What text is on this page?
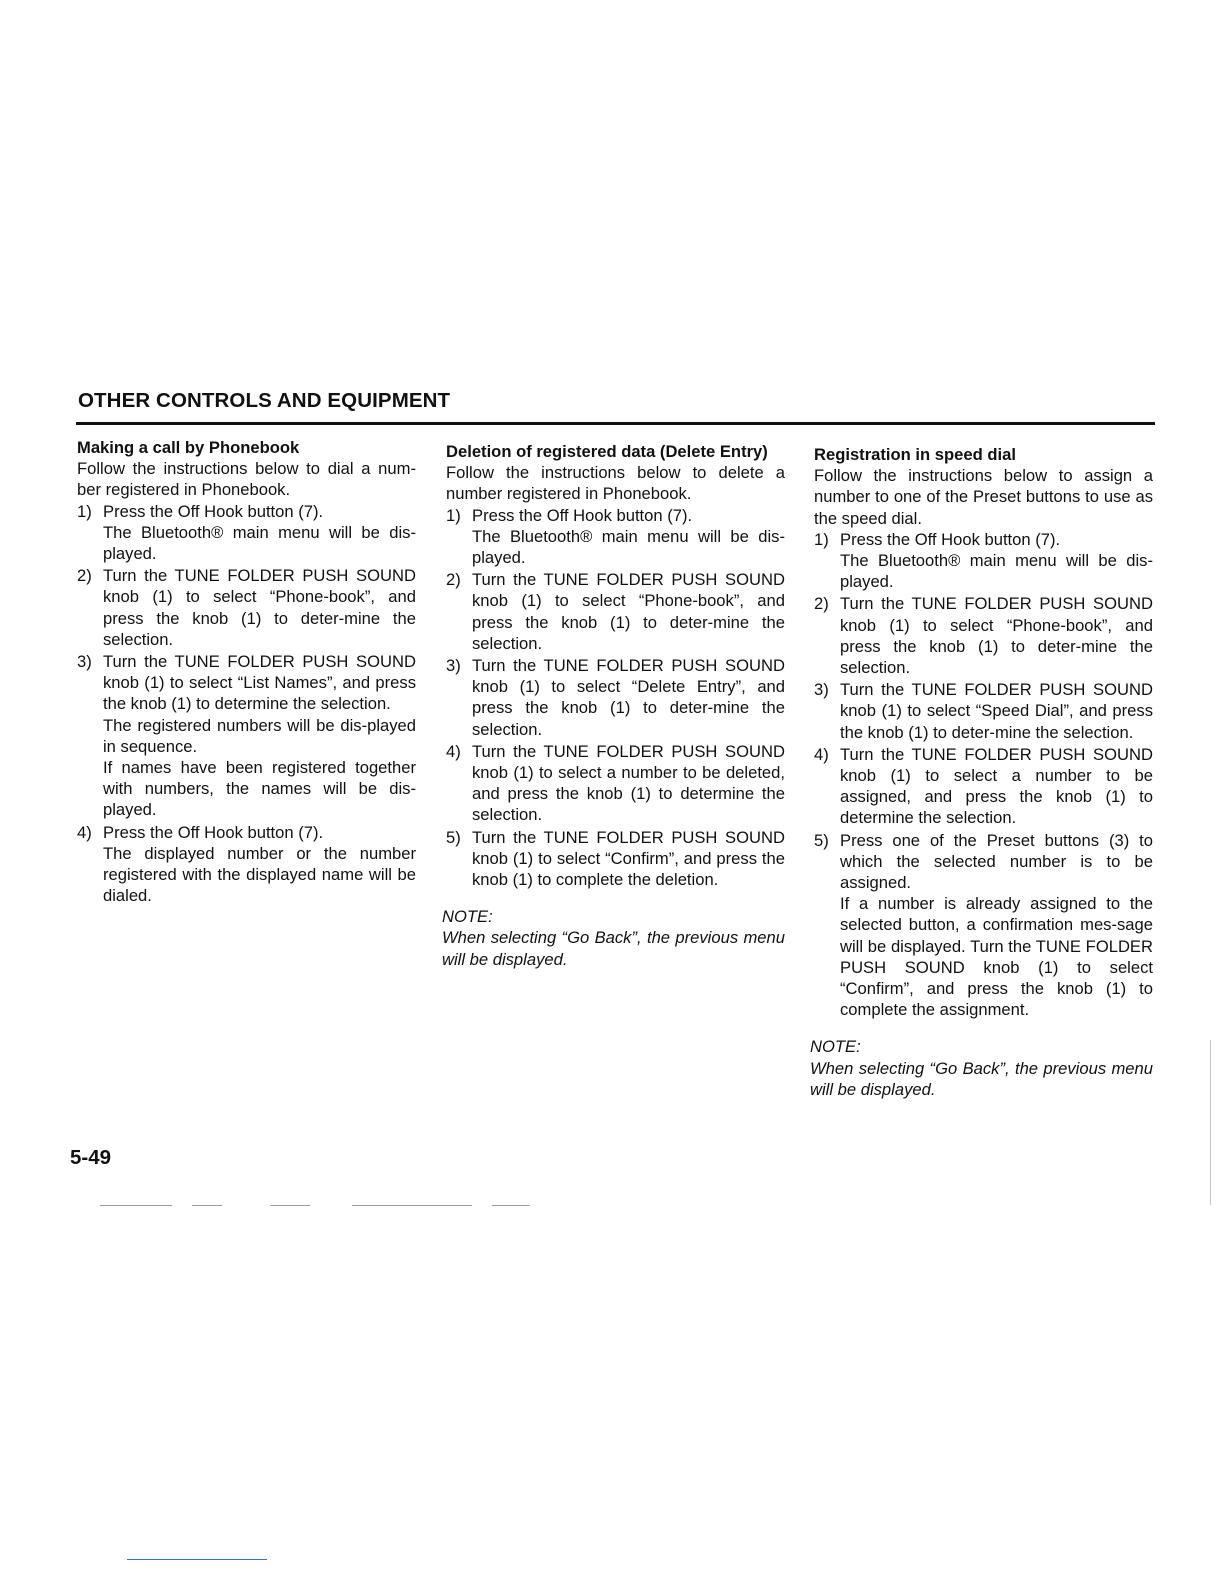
OTHER CONTROLS AND EQUIPMENT

Making a call by Phonebook

Follow the instructions below to dial a num-ber registered in Phonebook.

1) Press the Off Hook button (7).
The Bluetooth® main menu will be dis-played.
2) Turn the TUNE FOLDER PUSH SOUND knob (1) to select “Phone-book”, and press the knob (1) to deter-mine the selection.
3) Turn the TUNE FOLDER PUSH SOUND knob (1) to select “List Names”, and press the knob (1) to determine the selection.
The registered numbers will be dis-played in sequence.
If names have been registered together with numbers, the names will be dis-played.
4) Press the Off Hook button (7).
The displayed number or the number registered with the displayed name will be dialed.

Deletion of registered data (Delete Entry)

Follow the instructions below to delete a number registered in Phonebook.

1) Press the Off Hook button (7).
The Bluetooth® main menu will be dis-played.
2) Turn the TUNE FOLDER PUSH SOUND knob (1) to select “Phone-book”, and press the knob (1) to deter-mine the selection.
3) Turn the TUNE FOLDER PUSH SOUND knob (1) to select “Delete Entry”, and press the knob (1) to deter-mine the selection.
4) Turn the TUNE FOLDER PUSH SOUND knob (1) to select a number to be deleted, and press the knob (1) to determine the selection.
5) Turn the TUNE FOLDER PUSH SOUND knob (1) to select “Confirm”, and press the knob (1) to complete the deletion.

NOTE:

When selecting “Go Back”, the previous menu will be displayed.

Registration in speed dial

Follow the instructions below to assign a number to one of the Preset buttons to use as the speed dial.

1) Press the Off Hook button (7).
The Bluetooth® main menu will be dis-played.
2) Turn the TUNE FOLDER PUSH SOUND knob (1) to select “Phone-book”, and press the knob (1) to deter-mine the selection.
3) Turn the TUNE FOLDER PUSH SOUND knob (1) to select “Speed Dial”, and press the knob (1) to deter-mine the selection.
4) Turn the TUNE FOLDER PUSH SOUND knob (1) to select a number to be assigned, and press the knob (1) to determine the selection.
5) Press one of the Preset buttons (3) to which the selected number is to be assigned.
If a number is already assigned to the selected button, a confirmation mes-sage will be displayed. Turn the TUNE FOLDER PUSH SOUND knob (1) to select “Confirm”, and press the knob (1) to complete the assignment.

NOTE:

When selecting “Go Back”, the previous menu will be displayed.

5-49
